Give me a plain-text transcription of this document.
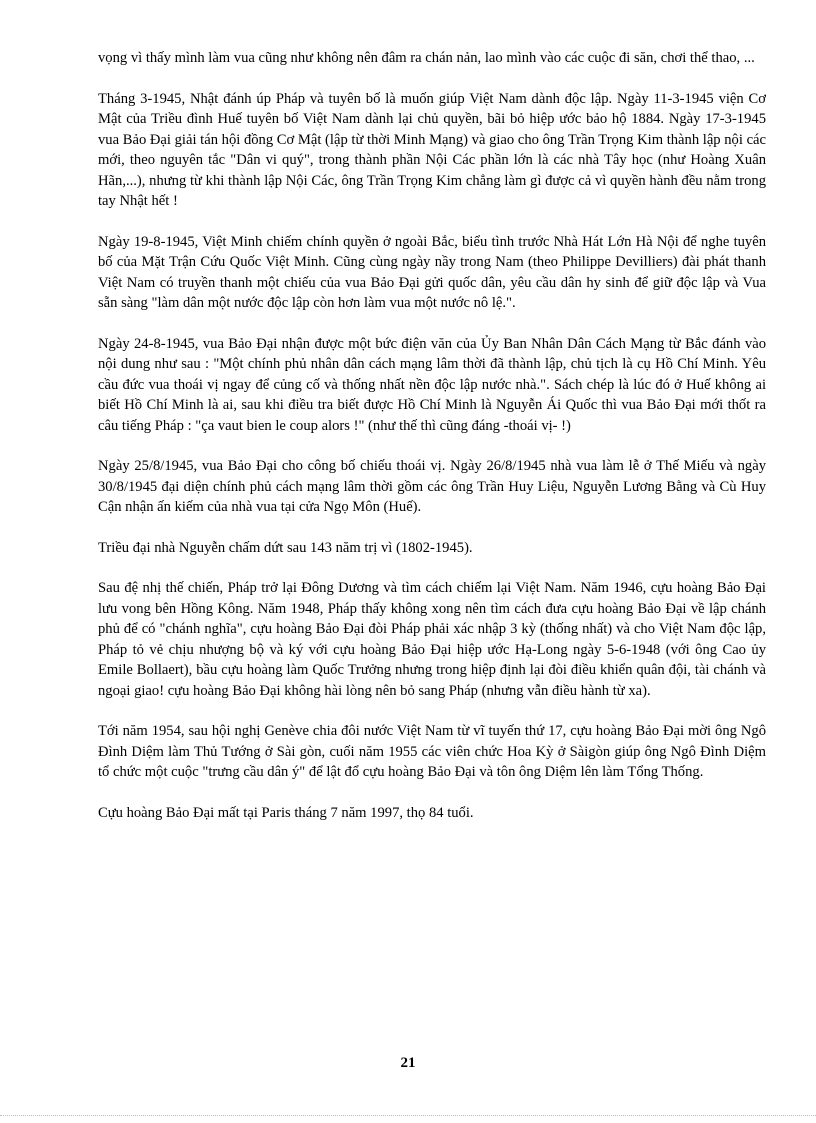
vọng vì thấy mình làm vua cũng như không nên đâm ra chán nản, lao mình vào các cuộc đi săn, chơi thể thao, ...

Tháng 3-1945, Nhật đánh úp Pháp và tuyên bố là muốn giúp Việt Nam dành độc lập. Ngày 11-3-1945 viện Cơ Mật của Triều đình Huế tuyên bố Việt Nam dành lại chủ quyền, bãi bỏ hiệp ước bảo hộ 1884. Ngày 17-3-1945 vua Bảo Đại giải tán hội đồng Cơ Mật (lập từ thời Minh Mạng) và giao cho ông Trần Trọng Kim thành lập nội các mới, theo nguyên tắc "Dân vi quý", trong thành phần Nội Các phần lớn là các nhà Tây học (như Hoàng Xuân Hãn,...), nhưng từ khi thành lập Nội Các, ông Trần Trọng Kim chẳng làm gì được cả vì quyền hành đều nằm trong tay Nhật hết !

Ngày 19-8-1945, Việt Minh chiếm chính quyền ở ngoài Bắc, biểu tình trước Nhà Hát Lớn Hà Nội để nghe tuyên bố của Mặt Trận Cứu Quốc Việt Minh. Cũng cùng ngày nầy trong Nam (theo Philippe Devilliers) đài phát thanh Việt Nam có truyền thanh một chiếu của vua Bảo Đại gửi quốc dân, yêu cầu dân hy sinh để giữ độc lập và Vua sẵn sàng "làm dân một nước độc lập còn hơn làm vua một nước nô lệ.".

Ngày 24-8-1945, vua Bảo Đại nhận được một bức điện văn của Ủy Ban Nhân Dân Cách Mạng từ Bắc đánh vào nội dung như sau : "Một chính phủ nhân dân cách mạng lâm thời đã thành lập, chủ tịch là cụ Hồ Chí Minh. Yêu cầu đức vua thoái vị ngay để củng cố và thống nhất nền độc lập nước nhà.". Sách chép là lúc đó ở Huế không ai biết Hồ Chí Minh là ai, sau khi điều tra biết được Hồ Chí Minh là Nguyễn Ái Quốc thì vua Bảo Đại mới thốt ra câu tiếng Pháp : "ça vaut bien le coup alors !" (như thế thì cũng đáng -thoái vị- !)

Ngày 25/8/1945, vua Bảo Đại cho công bố chiếu thoái vị. Ngày 26/8/1945 nhà vua làm lễ ở Thế Miếu và ngày 30/8/1945 đại diện chính phủ cách mạng lâm thời gồm các ông Trần Huy Liệu, Nguyễn Lương Bằng và Cù Huy Cận nhận ấn kiếm của nhà vua tại cửa Ngọ Môn (Huế).

Triều đại nhà Nguyễn chấm dứt sau 143 năm trị vì (1802-1945).

Sau đệ nhị thế chiến, Pháp trở lại Đông Dương và tìm cách chiếm lại Việt Nam. Năm 1946, cựu hoàng Bảo Đại lưu vong bên Hồng Kông. Năm 1948, Pháp thấy không xong nên tìm cách đưa cựu hoàng Bảo Đại về lập chánh phủ để có "chánh nghĩa", cựu hoàng Bảo Đại đòi Pháp phải xác nhập 3 kỳ (thống nhất) và cho Việt Nam độc lập, Pháp tỏ vẻ chịu nhượng bộ và ký với cựu hoàng Bảo Đại hiệp ước Hạ-Long ngày 5-6-1948 (với ông Cao ủy Emile Bollaert), bầu cựu hoàng làm Quốc Trưởng nhưng trong hiệp định lại đòi điều khiển quân đội, tài chánh và ngoại giao! cựu hoàng Bảo Đại không hài lòng nên bỏ sang Pháp (nhưng vẫn điều hành từ xa).

Tới năm 1954, sau hội nghị Genève chia đôi nước Việt Nam từ vĩ tuyến thứ 17, cựu hoàng Bảo Đại mời ông Ngô Đình Diệm làm Thủ Tướng ở Sài gòn, cuối năm 1955 các viên chức Hoa Kỳ ở Sàigòn giúp ông Ngô Đình Diệm tổ chức một cuộc "trưng cầu dân ý" để lật đổ cựu hoàng Bảo Đại và tôn ông Diệm lên làm Tổng Thống.

Cựu hoàng Bảo Đại mất tại Paris tháng 7 năm 1997, thọ 84 tuổi.

21
